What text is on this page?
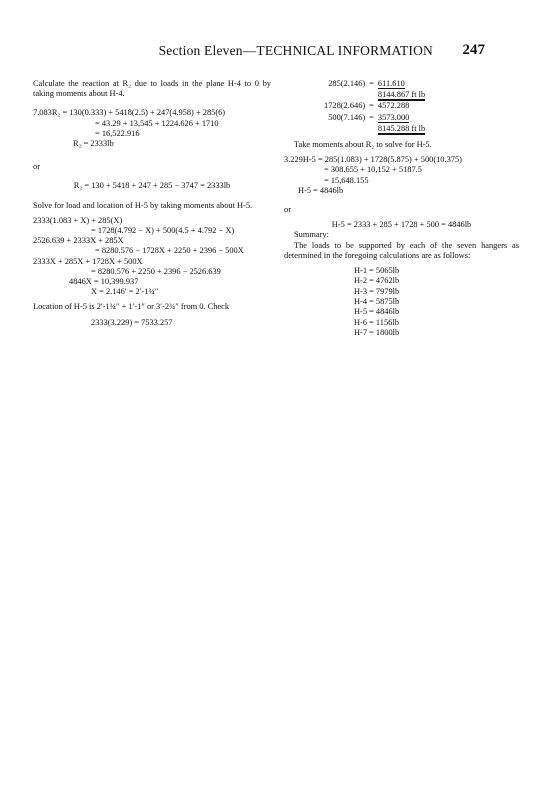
Section Eleven—TECHNICAL INFORMATION 247
Calculate the reaction at R₂ due to loads in the plane H-4 to 0 by taking moments about H-4.
7.083R₂ = 130(0.333) + 5418(2.5) + 247(4.958) + 285(6)
= 43.29 + 13,545 + 1224.626 + 1710
= 16,522.916
R₂ = 2333lb
or
R₂ = 130 + 5418 + 247 + 285 − 3747 = 2333lb
Solve for load and location of H-5 by taking moments about H-5.
2333(1.083 + X) + 285(X)
= 1728(4.792 − X) + 500(4.5 + 4.792 − X)
2526.639 + 2333X + 285X
= 8280.576 − 1728X + 2250 + 2396 − 500X
2333X + 285X + 1728X + 500X
= 8280.576 + 2250 + 2396 − 2526.639
4846X = 10,399.937
X = 2.146′ = 2′-1¾″
Location of H-5 is 2′-1¾″ + 1′-1″ or 3′-2¾″ from 0. Check
2333(3.229) = 7533.257
285(2.146)	=	611.610
		8144.867 ft lb
1728(2.646)	=	4572.288
500(7.146)	=	3573.000
		8145.288 ft lb
Take moments about R₂ to solve for H-5.
3.229H-5 = 285(1.083) + 1728(5.875) + 500(10.375)
= 308.655 + 10,152 + 5187.5
= 15,648.155
H-5 = 4846lb
or
H-5 = 2333 + 285 + 1728 + 500 = 4846lb
Summary:
The loads to be supported by each of the seven hangers as determined in the foregoing calculations are as follows:
H-1 = 5065lb
H-2 = 4762lb
H-3 = 7979lb
H-4 = 5875lb
H-5 = 4846lb
H-6 = 1156lb
H-7 = 1800lb
